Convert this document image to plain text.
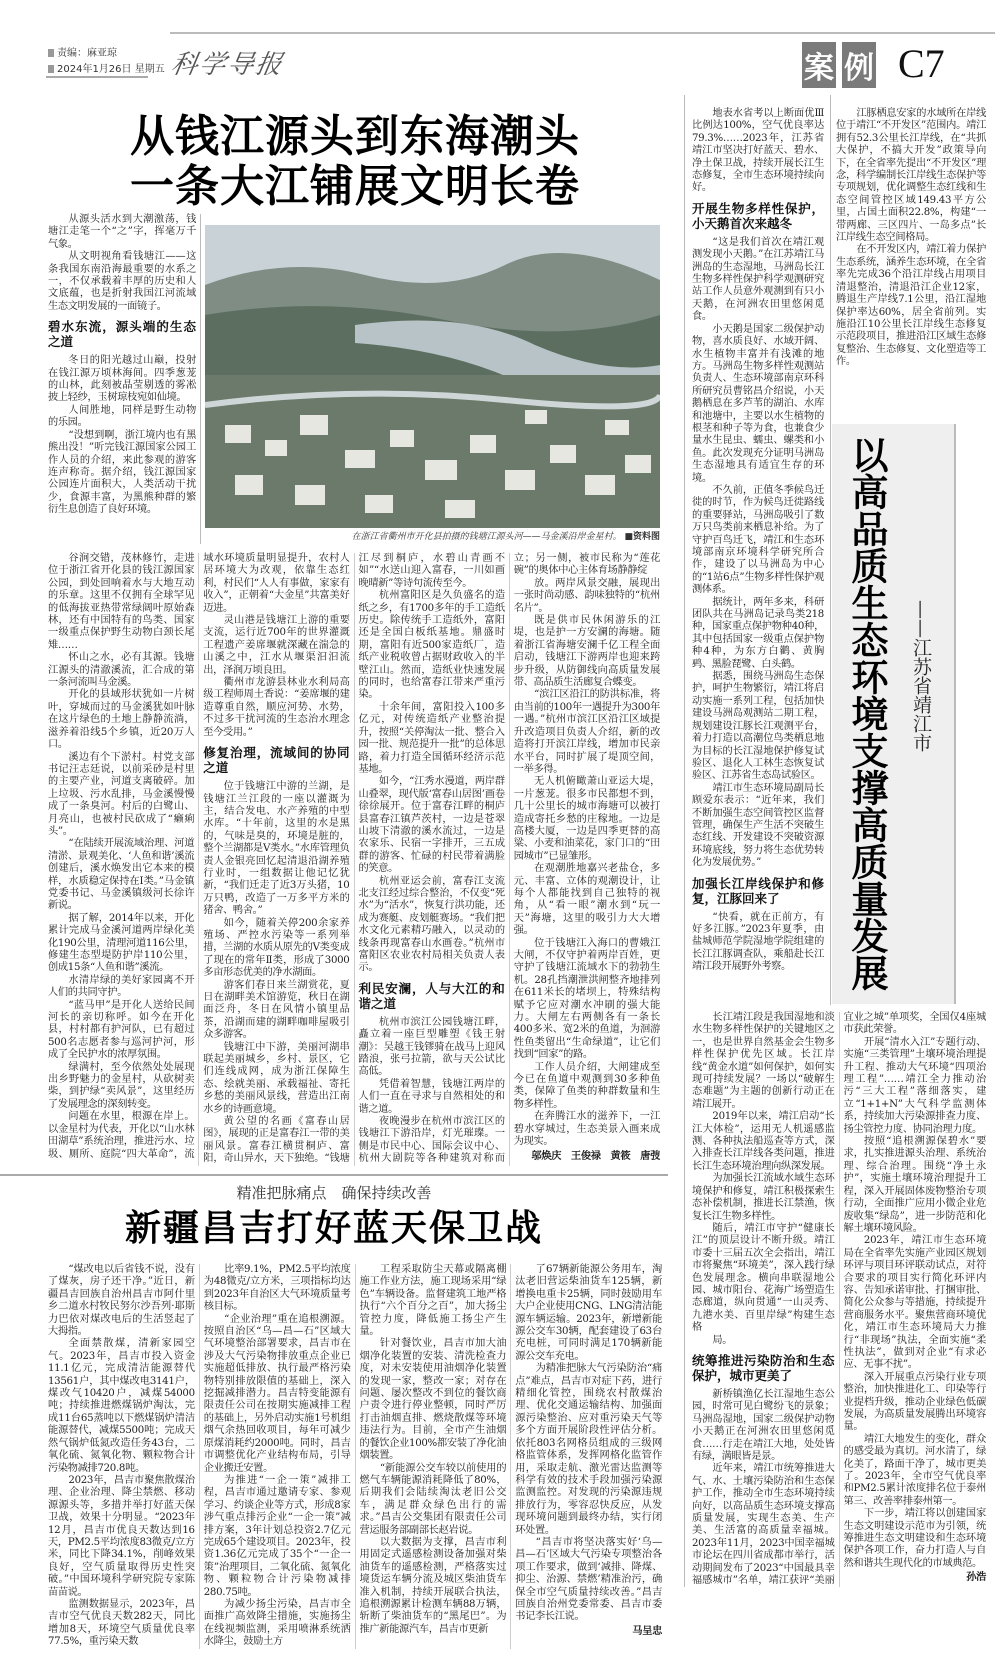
责编：麻亚琼
2024年1月26日 星期五 科学导报	案 例 C7
从钱江源头到东海潮头
一条大江铺展文明长卷

从源头活水到大潮激荡，钱塘江走笔一个“之”字，挥毫万千气象。

从文明视角看钱塘江——这条我国东南沿海最重要的水系之一，不仅承载着丰厚的历史和人文底蕴，也是折射我国江河流域生态文明发展的一面镜子。

碧水东流，源头端的生态之道

冬日的阳光越过山巅，投射在钱江源万顷林海间。四季葱茏的山林，此刻被晶莹剔透的雾凇披上轻纱，玉树琼枝宛如仙境。

人间胜地，同样是野生动物的乐园。

“没想到啊，浙江境内也有黑熊出没！”听完钱江源国家公园工作人员的介绍，来此参观的游客连声称奇。据介绍，钱江源国家公园连片面积大，人类活动干扰少，食源丰富，为黑熊种群的繁衍生息创造了良好环境。

在浙江省衢州市开化县拍摄的钱塘江源头河——马金溪沿岸金星村。 ■资料图

谷涧交错，茂林修竹，走进位于浙江省开化县的钱江源国家公园，到处回响着水与大地互动的乐章。这里不仅拥有全球罕见的低海拔亚热带常绿阔叶原始森林，还有中国特有的鸟类、国家一级重点保护野生动物白颈长尾雉……

怀山之水，必有其源。钱塘江源头的清澈溪流，汇合成的第一条河流叫马金溪。

开化的县域形状犹如一片树叶，穿城而过的马金溪犹如叶脉在这片绿色的土地上静静流淌，滋养着沿线5个乡镇，近20万人口。

溪边有个下淤村。村党支部书记汪志廷说，以前采砂是村里的主要产业，河道支离破碎。加上垃圾、污水乱排，马金溪慢慢成了一条臭河。村后的白鹭山、月亮山，也被村民砍成了“癞痢头”。

“在陆续开展流域治理、河道清淤、景观美化、‘人鱼和谐’溪流创建后，溪水焕发出它本来的模样，水质稳定保持在Ⅰ类。”马金镇党委书记、马金溪镇级河长徐许新说。

据了解，2014年以来，开化累计完成马金溪河道两岸绿化美化190公里，清理河道116公里，修建生态型堤防护岸110公里，创成15条“人鱼和谐”溪流。

水清岸绿的美好家园离不开人们的共同守护。

“蓝马甲”是开化人送给民间河长的亲切称呼。如今在开化县，村村都有护河队，已有超过500名志愿者参与巡河护河，形成了全民护水的浓厚氛围。

绿满村，至今依然处处展现出乡野魅力的金星村，从砍树卖柴，到护绿“卖风景”，这里经历了发展理念的深刻转变。

问题在水里，根源在岸上。以金星村为代表，开化以“山水林田湖草”系统治理，推进污水、垃圾、厕所、庭院“四大革命”，流域水环境质量明显提升，农村人居环境大为改观，依靠生态红利，村民们“人人有事做，家家有收入”，正朝着“大金星”共富美好迈进。

灵山港是钱塘江上游的重要支流，运行近700年的世界灌溉工程遗产姜席堰就深藏在湍急的山溪之中，江水从堰渠汩汩流出，泽润万顷良田。

衢州市龙游县林业水利局高级工程师周土香说：“姜席堰的建造尊重自然，顺应河势、水势，不过多干扰河流的生态治水理念至今受用。”

修复治理，流域间的协同之道

位于钱塘江中游的兰湖，是钱塘江兰江段的一座以灌溉为主，结合发电、水产养殖的中型水库。“十年前，这里的水是黑的，气味是臭的，环境是脏的，整个兰湖都是Ⅴ类水。”水库管理负责人金银亮回忆起清退沿湖养殖行业时，一组数据让他记忆犹新，“我们迁走了近3万头猪，10万只鸭，改造了一万多平方米的猪舍、鸭舍。”

如今，随着关停200余家养殖场、严控水污染等一系列举措，兰湖的水质从原先的Ⅴ类变成了现在的常年Ⅱ类，形成了3000多亩形态优美的净水湖面。

游客们春日来兰湖赏花，夏日在湖畔美术馆游览，秋日在湖面泛舟，冬日在风情小镇里品茶，沿湖而建的湖畔咖啡屋吸引众多游客。

钱塘江中下游，美丽河湖串联起美丽城乡，乡村、景区，它们连线成网，成为浙江保障生态、绘就美丽、承载福祉、寄托乡愁的美丽风景线，营造出江南水乡的诗画意境。

黄公望的名画《富春山居图》，展现的正是富春江一带的美丽风景。富春江横贯桐庐、富阳，奇山异水，天下独绝。“钱塘江尽到桐庐，水碧山青画不如”“水送山迎入富春，一川如画晚晴新”等诗句流传至今。

杭州富阳区是久负盛名的造纸之乡，有1700多年的手工造纸历史。除传统手工造纸外，富阳还是全国白板纸基地。鼎盛时期，富阳有近500家造纸厂，造纸产业税收曾占据财政收入的半壁江山。然而，造纸业快速发展的同时，也给富春江带来严重污染。

十余年间，富阳投入100多亿元，对传统造纸产业整治提升，按照“关停淘汰一批、整合入园一批、规范提升一批”的总体思路，着力打造全国循环经济示范基地。

如今，“江秀水漫道，两岸群山叠翠，现代版‘富春山居图’画卷徐徐展开。位于富春江畔的桐庐县富春江镇芦茨村，一边是苍翠山坡下清澈的溪水流过，一边是农家乐、民宿一字排开，三五成群的游客、忙碌的村民带着满脸的笑意。

杭州亚运会前，富春江支流北支江经过综合整治，不仅变“死水”为“活水”，恢复行洪功能，还成为赛艇、皮划艇赛场。“我们把水文化元素精巧融入，以灵动的线条再现富春山水画卷。”杭州市富阳区农业农村局相关负责人表示。

利民安澜，人与大江的和谐之道

杭州市滨江公园钱塘江畔，矗立着一座巨型雕塑《钱王射潮》：吴越王钱镠骑在战马上迎风踏浪，张弓拉箭，欲与天公试比高低。

凭借着智慧，钱塘江两岸的人们一直在寻求与自然相处的和谐之道。

夜晚漫步在杭州市滨江区的钱塘江下游沿岸，灯光璀璨。一侧是市民中心、国际会议中心、杭州大剧院等各种建筑对称而立；另一侧，被市民称为“莲花碗”的奥体中心主体育场静静绽

放。两岸风景交融，展现出一张时尚动感、韵味独特的“杭州名片”。

既是供市民休闲游乐的江堤，也是护一方安澜的海塘。随着浙江省海塘安澜千亿工程全面启动，钱塘江下游两岸也迎来跨步升级，从防御线向高质量发展带、高品质生活廊复合蝶变。

“滨江区沿江的防洪标准，将由当前的100年一遇提升为300年一遇。”杭州市滨江区沿江区域提升改造项目负责人介绍，新的改造将打开滨江岸线，增加市民亲水平台，同时扩展了堤顶空间，一举多得。

无人机俯瞰萧山亚运大堤，一片葱茏。很多市民都想不到，几十公里长的城市海塘可以被打造成寄托乡愁的庄稼地。一边是高楼大厦，一边是四季更替的高粱、小麦和油菜花，家门口的“田园城市”已显雏形。

在观潮胜地嘉兴老盐仓，多元、丰富、立体的观潮设计，让每个人都能找到自己独特的视角，从“看一眼”潮水到“玩一天”海塘，这里的吸引力大大增强。

位于钱塘江入海口的曹娥江大闸，不仅守护着两岸百姓，更守护了钱塘江流域水下的勃勃生机。28孔挡潮泄洪闸整齐地排列在611米长的堵坝上，特殊结构赋予它应对潮水冲刷的强大能力。大闸左右两侧各有一条长400多米、宽2米的鱼道，为洄游性鱼类留出“生命绿道”，让它们找到“回家”的路。

工作人员介绍，大闸建成至今已在鱼道中观测到30多种鱼类，保障了鱼类的种群数量和生物多样性。

在奔腾江水的滋养下，一江碧水穿城过，生态美景入画来成为现实。

邬焕庆　王俊禄　黄筱　唐弢

精准把脉痛点　确保持续改善
新疆昌吉打好蓝天保卫战

“煤改电以后省钱不说，没有了煤灰，房子还干净。”近日，新疆昌吉回族自治州昌吉市阿什里乡二道水村牧民努尔沙吾列·耶斯力巴依对煤改电后的生活竖起了大拇指。

全面禁散煤，清新家园空气。2023年，昌吉市投入资金11.1亿元，完成清洁能源替代13561户，其中煤改电3141户，煤改气10420户，减煤54000吨；持续推进燃煤锅炉淘汰，完成11台65蒸吨以下燃煤锅炉清洁能源替代，减煤5500吨；完成天然气锅炉低氮改造任务43台，二氧化硫、氮氧化物、颗粒物合计污染物减排720.8吨。

2023年，昌吉市聚焦散煤治理、企业治理、降尘禁燃、移动源源头等，多措并举打好蓝天保卫战，效果十分明显。“2023年12月，昌吉市优良天数达到16天，PM2.5平均浓度83微克/立方米，同比下降34.1%，削峰效果良好，空气质量取得历史性突破。”中国环境科学研究院专家陈苗苗说。

监测数据显示，2023年，昌吉市空气优良天数282天，同比增加8天，环境空气质量优良率77.5%，重污染天数

比率9.1%，PM2.5平均浓度为48微克/立方米，三项指标均达到2023年自治区大气环境质量考核目标。

“企业治理”重在追根溯源。按照自治区“乌—昌—石”区域大气环境整治部署要求，昌吉市在涉及大气污染物排放重点企业已实施超低排放、执行最严格污染物特别排放限值的基础上，深入挖掘减排潜力。昌吉特变能源有限责任公司在按期实施减排工程的基础上，另外启动实施1号机组烟气余热回收项目，每年可减少原煤消耗约2000吨。同时，昌吉市调整优化产业结构布局，引导企业搬迁安置。

为推进“一企一策”减排工程，昌吉市通过邀请专家、参观学习、约谈企业等方式，形成8家涉气重点排污企业“一企一策”减排方案，3年计划总投资2.7亿元完成65个建设项目。2023年，投资1.36亿元完成了35个“一企一策”治理项目，二氧化硫、氮氧化物、颗粒物合计污染物减排280.75吨。

为减少扬尘污染，昌吉市全面推广高效降尘措施，实施扬尘在线视频监测，采用喷淋系统洒水降尘，鼓励土方

工程采取防尘天幕或隔离棚施工作业方法，施工现场采用“绿色”车辆设备。监督建筑工地严格执行“六个百分之百”，加大扬尘管控力度，降低施工扬尘产生量。

针对餐饮业，昌吉市加大油烟净化装置的安装、清洗检查力度，对未安装使用油烟净化装置的发现一家，整改一家；对存在问题、屡次整改不到位的餐饮商户责令进行停业整顿，同时严厉打击油烟直排、燃烧散煤等环境违法行为。目前，全市产生油烟的餐饮企业100%都安装了净化油烟装置。

“新能源公交车较以前使用的燃气车辆能源消耗降低了80%，后期我们会陆续淘汰老旧公交车，满足群众绿色出行的需求。”昌吉公交集团有限责任公司营运服务部副部长赵岩说。

以大数据为支撑，昌吉市利用固定式遥感检测设备加强对柴油货车的遥感检测，严格落实过境货运车辆分流及城区柴油货车准入机制，持续开展联合执法，追根溯源累计检测车辆88万辆，斩断了柴油货车的“黑尾巴”。为推广新能源汽车，昌吉市更新

了67辆新能源公务用车，淘汰老旧营运柴油货车125辆，新增换电重卡25辆，同时鼓励用车大户企业使用CNG、LNG清洁能源车辆运输。2023年，新增新能源公交车30辆，配套建设了63台充电桩，可同时满足170辆新能源公交车充电。

为精准把脉大气污染防治“痛点”难点，昌吉市对症下药，进行精细化管控，围绕农村散煤治理、优化交通运输结构、加强面源污染整治、应对重污染天气等多个方面开展阶段性评估分析。依托803名网格员组成的三级网格监管体系，发挥网格化监管作用，采取走航、激光雷达监测等科学有效的技术手段加强污染源监测监控。对发现的污染源违规排放行为，零容忍快反应，从发现环境问题到最终办结，实行闭环处置。

“昌吉市将坚决落实好‘乌—昌—石’区域大气污染专项整治各项工作要求，做到‘减排、降煤、抑尘、治源、禁燃’精准治污，确保全市空气质量持续改善。”昌吉回族自治州党委常委、昌吉市委书记李长江说。

马呈忠

地表水省考以上断面优Ⅲ比例达100%，空气优良率达79.3%……2023年，江苏省靖江市坚决打好蓝天、碧水、净土保卫战，持续开展长江生态修复，全市生态环境持续向好。

开展生物多样性保护，小天鹅首次来越冬

“这是我们首次在靖江观测发现小天鹅。”在江苏靖江马洲岛的生态湿地，马洲岛长江生物多样性保护科学观测研究站工作人员意外观测到有只小天鹅，在河洲农田里悠闲觅食。

小天鹅是国家二级保护动物，喜水质良好、水域开阔、水生植物丰富并有浅滩的地方。马洲岛生物多样性观测站负责人、生态环境部南京环科所研究员曹铭昌介绍说，小天鹅栖息在多芦苇的湖泊、水库和池塘中，主要以水生植物的根茎和种子等为食，也兼食少量水生昆虫、蠕虫、螺类和小鱼。此次发现充分证明马洲岛生态湿地具有适宜生存的环境。

不久前，正值冬季候鸟迁徙的时节，作为候鸟迁徙路线的重要驿站，马洲岛吸引了数万只鸟类前来栖息补给。为了守护百鸟迁飞，靖江和生态环境部南京环境科学研究所合作，建设了以马洲岛为中心的“1站6点”生物多样性保护观测体系。

据统计，两年多来，科研团队共在马洲岛记录鸟类218种，国家重点保护物种40种，其中包括国家一级重点保护物种4种，为东方白鹳、黄胸鹀、黑脸琵鹭、白头鹤。

据悉，围绕马洲岛生态保护，呵护生物繁衍，靖江将启动实施一系列工程，包括加快建设马洲岛观测站二期工程，规划建设江豚长江观测平台，着力打造以高潮位鸟类栖息地为目标的长江湿地保护修复试验区、退化人工林生态恢复试验区、江苏省生态岛试验区。

靖江市生态环境局副局长顾爱东表示：“近年来，我们不断加强生态空间管控区监督管理，确保生产生活不突破生态红线、开发建设不突破资源环境底线，努力将生态优势转化为发展优势。”

加强长江岸线保护和修复，江豚回来了

“快看，就在正前方，有好多江豚。”2023年夏季，由盐城师范学院湿地学院组建的长江江豚调查队，乘船赴长江靖江段开展野外考察。

江豚栖息安家的水域所在岸线位于靖江“不开发区”范围内。靖江拥有52.3公里长江岸线，在“共抓大保护，不搞大开发”政策导向下，在全省率先提出“不开发区”理念，科学编制长江岸线生态保护等专项规划，优化调整生态红线和生态空间管控区域149.43平方公里，占国土面积22.8%，构建“一带两廊、三区四片、一岛多点”长江岸线生态空间格局。

在不开发区内，靖江着力保护生态系统，涵养生态环境，在全省率先完成36个沿江岸线占用项目清退整治，清退沿江企业12家，腾退生产岸线7.1公里，沿江湿地保护率达60%，居全省前列。实施沿江10公里长江岸线生态修复示范段项目，推进沿江区域生态修复整治、生态修复、文化塑造等工作。

以高品质生态环境支撑高质量发展 ——江苏省靖江市

长江靖江段是我国湿地和淡水生物多样性保护的关键地区之一，也是世界自然基金会生物多样性保护优先区域。长江岸线“黄金水道”如何保护，如何实现可持续发展？一场以“破解生态难题”为主题的创新行动正在靖江展开。

2019年以来，靖江启动“长江大体检”，运用无人机遥感监测、各种执法船巡查等方式，深入排查长江岸线各类问题，推进长江生态环境治理向纵深发展。

为加强长江流域水域生态环境保护和修复，靖江积极探索生态补偿机制，推进长江禁渔，恢复长江生物多样性。

随后，靖江市守护“健康长江”的顶层设计不断升级。靖江市委十三届五次全会指出，靖江市将聚焦“环境美”，深入践行绿色发展理念。横向串联湿地公园、城市阳台、花海广场塑造生态廊道，纵向贯通“一山灵秀、九港水美、百里岸绿”构建生态格

局。

统筹推进污染防治和生态保护，城市更美了

新桥镇渔亿长江湿地生态公园，时常可见白鹭纷飞的景象；马洲岛湿地，国家二级保护动物小天鹅正在河洲农田里悠闲觅食……行走在靖江大地，处处皆有绿，满眼皆是景。

近年来，靖江市统筹推进大气、水、土壤污染防治和生态保护工作，推动全市生态环境持续向好，以高品质生态环境支撑高质量发展，实现生态美、生产美、生活富的高质量幸福城。2023年11月，2023中国幸福城市论坛在四川省成都市举行，活动期间发布了2023“中国最具幸福感城市”名单，靖江获评“美丽宜业之城”单项奖，全国仅4座城市获此荣誉。

开展“清水入江”专题行动、实施“三类管理”土壤环境治理提升工程、推动大气环境“四项治理工程”……靖江全力推动治污“三大工程”落细落实，建立“1+1+N”大气科学监测体系，持续加大污染源排查力度、扬尘管控力度、协同治理力度。

按照“追根溯源保碧水”要求，扎实推进源头治理、系统治理、综合治理。围绕“净土永护”，实施土壤环境治理提升工程，深入开展固体废物整治专项行动，全面推广应用小微企业危废收集“绿岛”，进一步防范和化解土壤环境风险。

2023年，靖江市生态环境局在全省率先实施产业园区规划环评与项目环评联动试点，对符合要求的项目实行简化环评内容、告知承诺审批、打捆审批、简化公众参与等措施，持续提升营商服务水平。聚焦营商环境优化，靖江市生态环境局大力推行“非现场”执法，全面实施“柔性执法”，做到对企业“有求必应、无事不扰”。

深入开展重点污染行业专项整治，加快推进化工、印染等行业提档升级，推动企业绿色低碳发展，为高质量发展腾出环境容量。

靖江大地发生的变化，群众的感受最为真切。河水清了，绿化美了，路面干净了，城市更美了。2023年，全市空气优良率和PM2.5累计浓度排名位于泰州第三、改善率排泰州第一。

下一步，靖江将以创建国家生态文明建设示范市为引领，统筹推进生态文明建设和生态环境保护各项工作，奋力打造人与自然和谐共生现代化的市域典范。

孙浩
